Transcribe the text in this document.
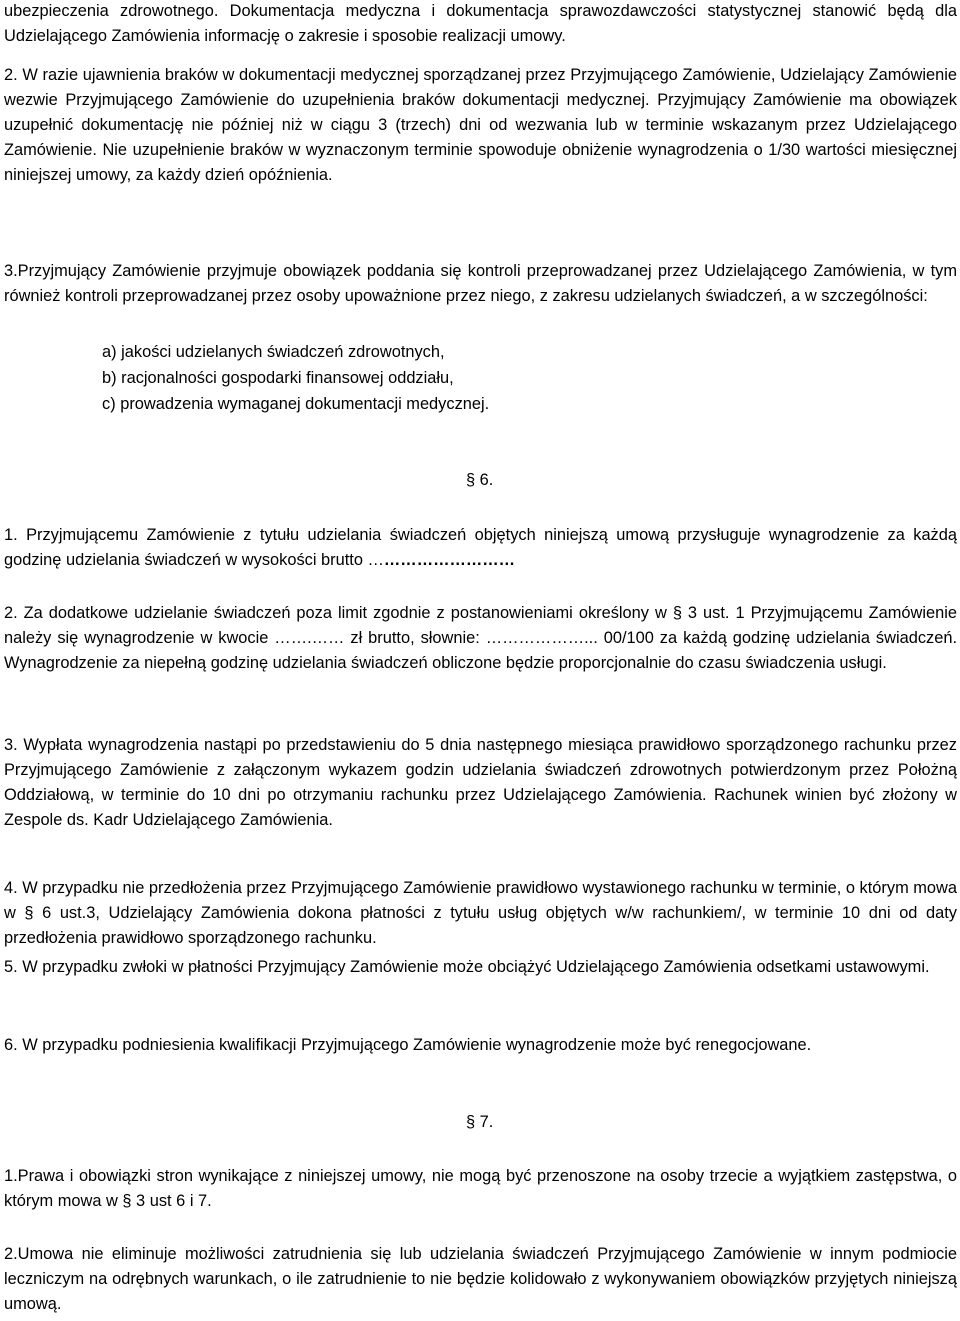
ubezpieczenia zdrowotnego. Dokumentacja medyczna i dokumentacja sprawozdawczości statystycznej stanowić będą dla Udzielającego Zamówienia informację o zakresie i sposobie realizacji umowy.

2. W razie ujawnienia braków w dokumentacji medycznej sporządzanej przez Przyjmującego Zamówienie, Udzielający Zamówienie wezwie Przyjmującego Zamówienie do uzupełnienia braków dokumentacji medycznej. Przyjmujący Zamówienie ma obowiązek uzupełnić dokumentację nie później niż w ciągu 3 (trzech) dni od wezwania lub w terminie wskazanym przez Udzielającego Zamówienie. Nie uzupełnienie braków w wyznaczonym terminie spowoduje obniżenie wynagrodzenia o 1/30 wartości miesięcznej niniejszej umowy, za każdy dzień opóźnienia.

3.Przyjmujący Zamówienie przyjmuje obowiązek poddania się kontroli przeprowadzanej przez Udzielającego Zamówienia, w tym również kontroli przeprowadzanej przez osoby upoważnione przez niego, z zakresu udzielanych świadczeń, a w szczególności:

a) jakości udzielanych świadczeń zdrowotnych,
b) racjonalności gospodarki finansowej oddziału,
c) prowadzenia wymaganej dokumentacji medycznej.
§ 6.

1. Przyjmującemu Zamówienie z tytułu udzielania świadczeń objętych niniejszą umową przysługuje wynagrodzenie za każdą godzinę udzielania świadczeń w wysokości brutto ………………………

2. Za dodatkowe udzielanie świadczeń poza limit zgodnie z postanowieniami określony w § 3 ust. 1 Przyjmującemu Zamówienie należy się wynagrodzenie w kwocie …….…… zł brutto, słownie: ………………... 00/100 za każdą godzinę udzielania świadczeń. Wynagrodzenie za niepełną godzinę udzielania świadczeń obliczone będzie proporcjonalnie do czasu świadczenia usługi.

3. Wypłata wynagrodzenia nastąpi po przedstawieniu do 5 dnia następnego miesiąca prawidłowo sporządzonego rachunku przez Przyjmującego Zamówienie z załączonym wykazem godzin udzielania świadczeń zdrowotnych potwierdzonym przez Położną Oddziałową, w terminie do 10 dni po otrzymaniu rachunku przez Udzielającego Zamówienia. Rachunek winien być złożony w Zespole ds. Kadr Udzielającego Zamówienia.

4. W przypadku nie przedłożenia przez Przyjmującego Zamówienie prawidłowo wystawionego rachunku w terminie, o którym mowa w § 6 ust.3, Udzielający Zamówienia dokona płatności z tytułu usług objętych w/w rachunkiem/, w terminie 10 dni od daty przedłożenia prawidłowo sporządzonego rachunku.

5. W przypadku zwłoki w płatności Przyjmujący Zamówienie może obciążyć Udzielającego Zamówienia odsetkami ustawowymi.

6. W przypadku podniesienia kwalifikacji Przyjmującego Zamówienie wynagrodzenie może być renegocjowane.

§ 7.

1.Prawa i obowiązki stron wynikające z niniejszej umowy, nie mogą być przenoszone na osoby trzecie a wyjątkiem zastępstwa, o którym mowa w § 3 ust 6 i 7.

2.Umowa nie eliminuje możliwości zatrudnienia się lub udzielania świadczeń Przyjmującego Zamówienie w innym podmiocie leczniczym na odrębnych warunkach, o ile zatrudnienie to nie będzie kolidowało z wykonywaniem obowiązków przyjętych niniejszą umową.
